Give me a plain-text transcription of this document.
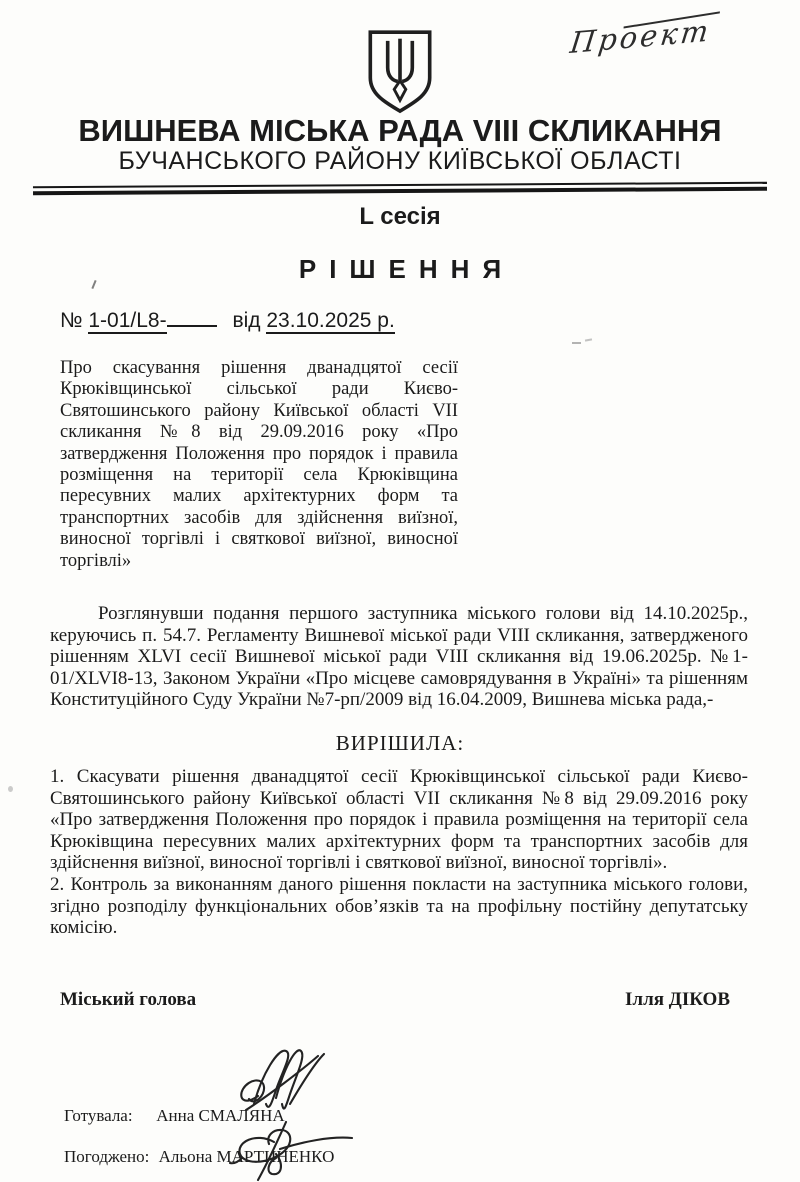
Проект
ВИШНЕВА МІСЬКА РАДА VIII СКЛИКАННЯ
БУЧАНСЬКОГО РАЙОНУ КИЇВСЬКОЇ ОБЛАСТІ
L сесія
РІШЕННЯ
№ 1-01/L8-	від 23.10.2025 р.
Про скасування рішення дванадцятої сесії Крюківщинської сільської ради Києво-Святошинського району Київської області VII скликання №8 від 29.09.2016 року «Про затвердження Положення про порядок і правила розміщення на території села Крюківщина пересувних малих архітектурних форм та транспортних засобів для здійснення виїзної, виносної торгівлі і святкової виїзної, виносної торгівлі»
Розглянувши подання першого заступника міського голови від 14.10.2025р., керуючись п. 54.7. Регламенту Вишневої міської ради VIII скликання, затвердженого рішенням XLVI сесії Вишневої міської ради VIII скликання від 19.06.2025р. №1-01/XLVI8-13, Законом України «Про місцеве самоврядування в Україні» та рішенням Конституційного Суду України №7-рп/2009 від 16.04.2009, Вишнева міська рада,-
ВИРІШИЛА:
1. Скасувати рішення дванадцятої сесії Крюківщинської сільської ради Києво-Святошинського району Київської області VII скликання №8 від 29.09.2016 року «Про затвердження Положення про порядок і правила розміщення на території села Крюківщина пересувних малих архітектурних форм та транспортних засобів для здійснення виїзної, виносної торгівлі і святкової виїзної, виносної торгівлі».
2. Контроль за виконанням даного рішення покласти на заступника міського голови, згідно розподілу функціональних обов’язків та на профільну постійну депутатську комісію.
Міський голова	Ілля ДІКОВ
Готувала: Анна СМАЛЯНА
Погоджено: Альона МАРТИНЕНКО
